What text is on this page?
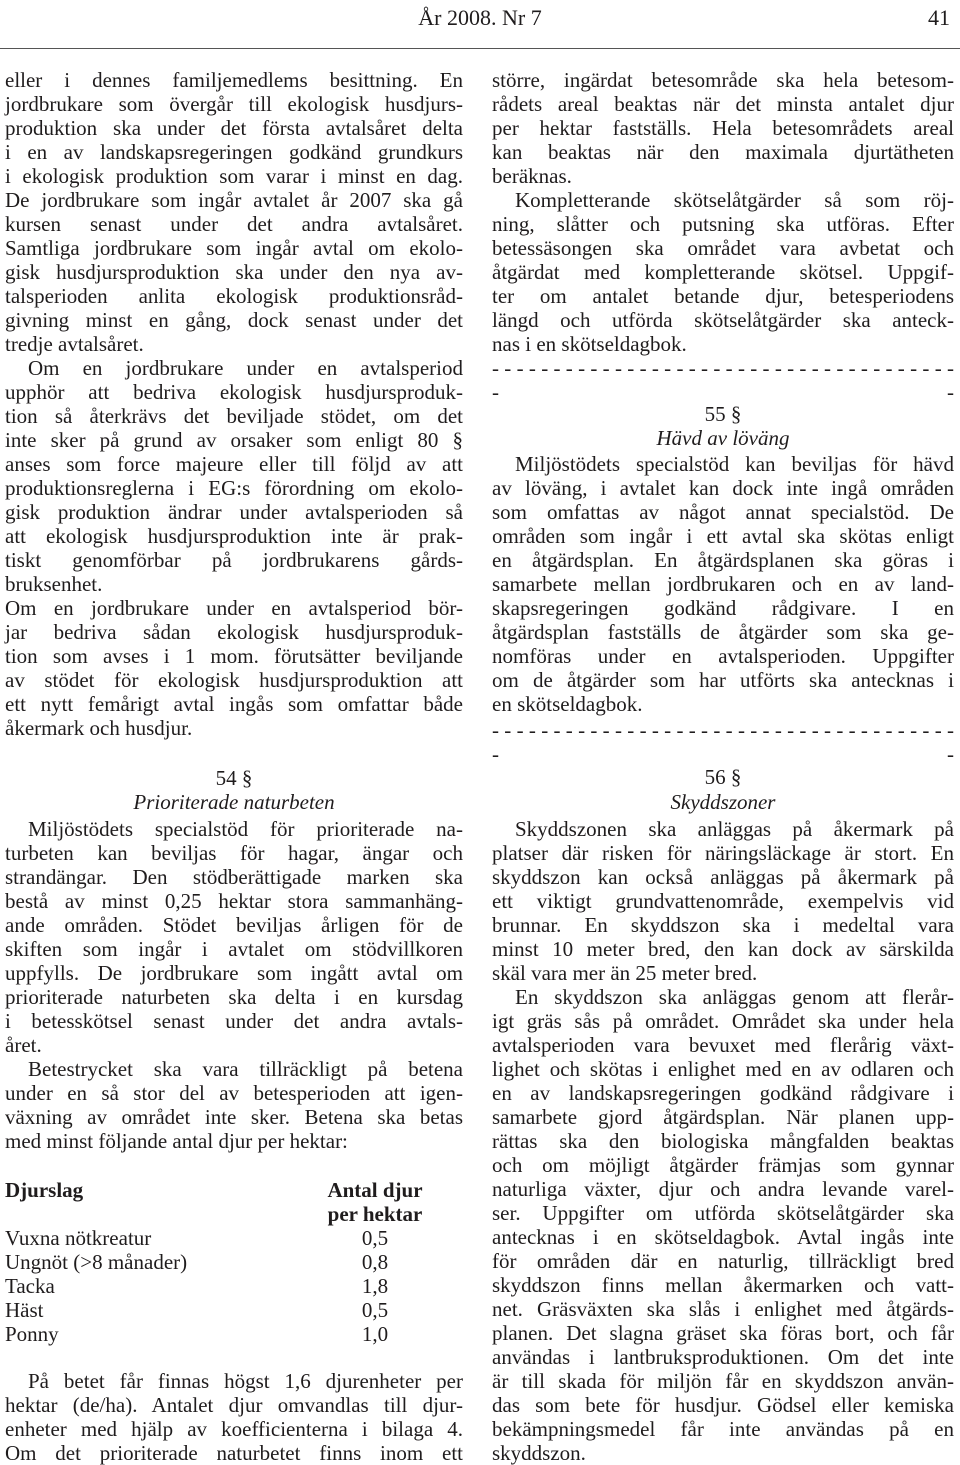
År 2008. Nr 7	41
eller i dennes familjemedlems besittning. En
jordbrukare som övergår till ekologisk husdjurs-
produktion ska under det första avtalsåret delta
i en av landskapsregeringen godkänd grundkurs
i ekologisk produktion som varar i minst en dag.
De jordbrukare som ingår avtalet år 2007 ska gå
kursen senast under det andra avtalsåret.
Samtliga jordbrukare som ingår avtal om ekolo-
gisk husdjursproduktion ska under den nya av-
talsperioden anlita ekologisk produktionsråd-
givning minst en gång, dock senast under det
tredje avtalsåret.
Om en jordbrukare under en avtalsperiod
upphör att bedriva ekologisk husdjursproduk-
tion så återkrävs det beviljade stödet, om det
inte sker på grund av orsaker som enligt 80 §
anses som force majeure eller till följd av att
produktionsreglerna i EG:s förordning om ekolo-
gisk produktion ändrar under avtalsperioden så
att ekologisk husdjursproduktion inte är prak-
tiskt genomförbar på jordbrukarens gårds-
bruksenhet.
Om en jordbrukare under en avtalsperiod bör-
jar bedriva sådan ekologisk husdjursproduk-
tion som avses i 1 mom. förutsätter beviljande
av stödet för ekologisk husdjursproduktion att
ett nytt femårigt avtal ingås som omfattar både
åkermark och husdjur.
54 §
Prioriterade naturbeten
Miljöstödets specialstöd för prioriterade na-
turbeten kan beviljas för hagar, ängar och
strandängar. Den stödberättigade marken ska
bestå av minst 0,25 hektar stora sammanhäng-
ande områden. Stödet beviljas årligen för de
skiften som ingår i avtalet om stödvillkoren
uppfylls. De jordbrukare som ingått avtal om
prioriterade naturbeten ska delta i en kursdag
i betesskötsel senast under det andra avtals-
året.
Betestrycket ska vara tillräckligt på betena
under en så stor del av betesperioden att igen-
växning av området inte sker. Betena ska betas
med minst följande antal djur per hektar:
Djurslag	Antal djur
per hektar
Vuxna nötkreatur	0,5
Ungnöt (>8 månader)	0,8
Tacka	1,8
Häst	0,5
Ponny	1,0
På betet får finnas högst 1,6 djurenheter per
hektar (de/ha). Antalet djur omvandlas till djur-
enheter med hjälp av koefficienterna i bilaga 4.
Om det prioriterade naturbetet finns inom ett
större, ingärdat betesområde ska hela betesom-
rådets areal beaktas när det minsta antalet djur
per hektar fastställs. Hela betesområdets areal
kan beaktas när den maximala djurtätheten
beräknas.
Kompletterande skötselåtgärder så som röj-
ning, slåtter och putsning ska utföras. Efter
betessäsongen ska området vara avbetat och
åtgärdat med kompletterande skötsel. Uppgif-
ter om antalet betande djur, betesperiodens
längd och utförda skötselåtgärder ska anteck-
nas i en skötseldagbok.
- - - - - - - - - - - - - - - - - - - - - - - - - - - - - - - - - - - - - - - -
55 §
Hävd av löväng
Miljöstödets specialstöd kan beviljas för hävd
av löväng, i avtalet kan dock inte ingå områden
som omfattas av något annat specialstöd. De
områden som ingår i ett avtal ska skötas enligt
en åtgärdsplan. En åtgärdsplanen ska göras i
samarbete mellan jordbrukaren och en av land-
skapsregeringen godkänd rådgivare. I en
åtgärdsplan fastställs de åtgärder som ska ge-
nomföras under en avtalsperioden. Uppgifter
om de åtgärder som har utförts ska antecknas i
en skötseldagbok.
- - - - - - - - - - - - - - - - - - - - - - - - - - - - - - - - - - - - - - - -
56 §
Skyddszoner
Skyddszonen ska anläggas på åkermark på
platser där risken för näringsläckage är stort. En
skyddszon kan också anläggas på åkermark på
ett viktigt grundvattenområde, exempelvis vid
brunnar. En skyddszon ska i medeltal vara
minst 10 meter bred, den kan dock av särskilda
skäl vara mer än 25 meter bred.
En skyddszon ska anläggas genom att flerår-
igt gräs sås på området. Området ska under hela
avtalsperioden vara bevuxet med flerårig växt-
lighet och skötas i enlighet med en av odlaren och
en av landskapsregeringen godkänd rådgivare i
samarbete gjord åtgärdsplan. När planen upp-
rättas ska den biologiska mångfalden beaktas
och om möjligt åtgärder främjas som gynnar
naturliga växter, djur och andra levande varel-
ser. Uppgifter om utförda skötselåtgärder ska
antecknas i en skötseldagbok. Avtal ingås inte
för områden där en naturlig, tillräckligt bred
skyddszon finns mellan åkermarken och vatt-
net. Gräsväxten ska slås i enlighet med åtgärds-
planen. Det slagna gräset ska föras bort, och får
användas i lantbruksproduktionen. Om det inte
är till skada för miljön får en skyddszon använ-
das som bete för husdjur. Gödsel eller kemiska
bekämpningsmedel får inte användas på en
skyddszon.
